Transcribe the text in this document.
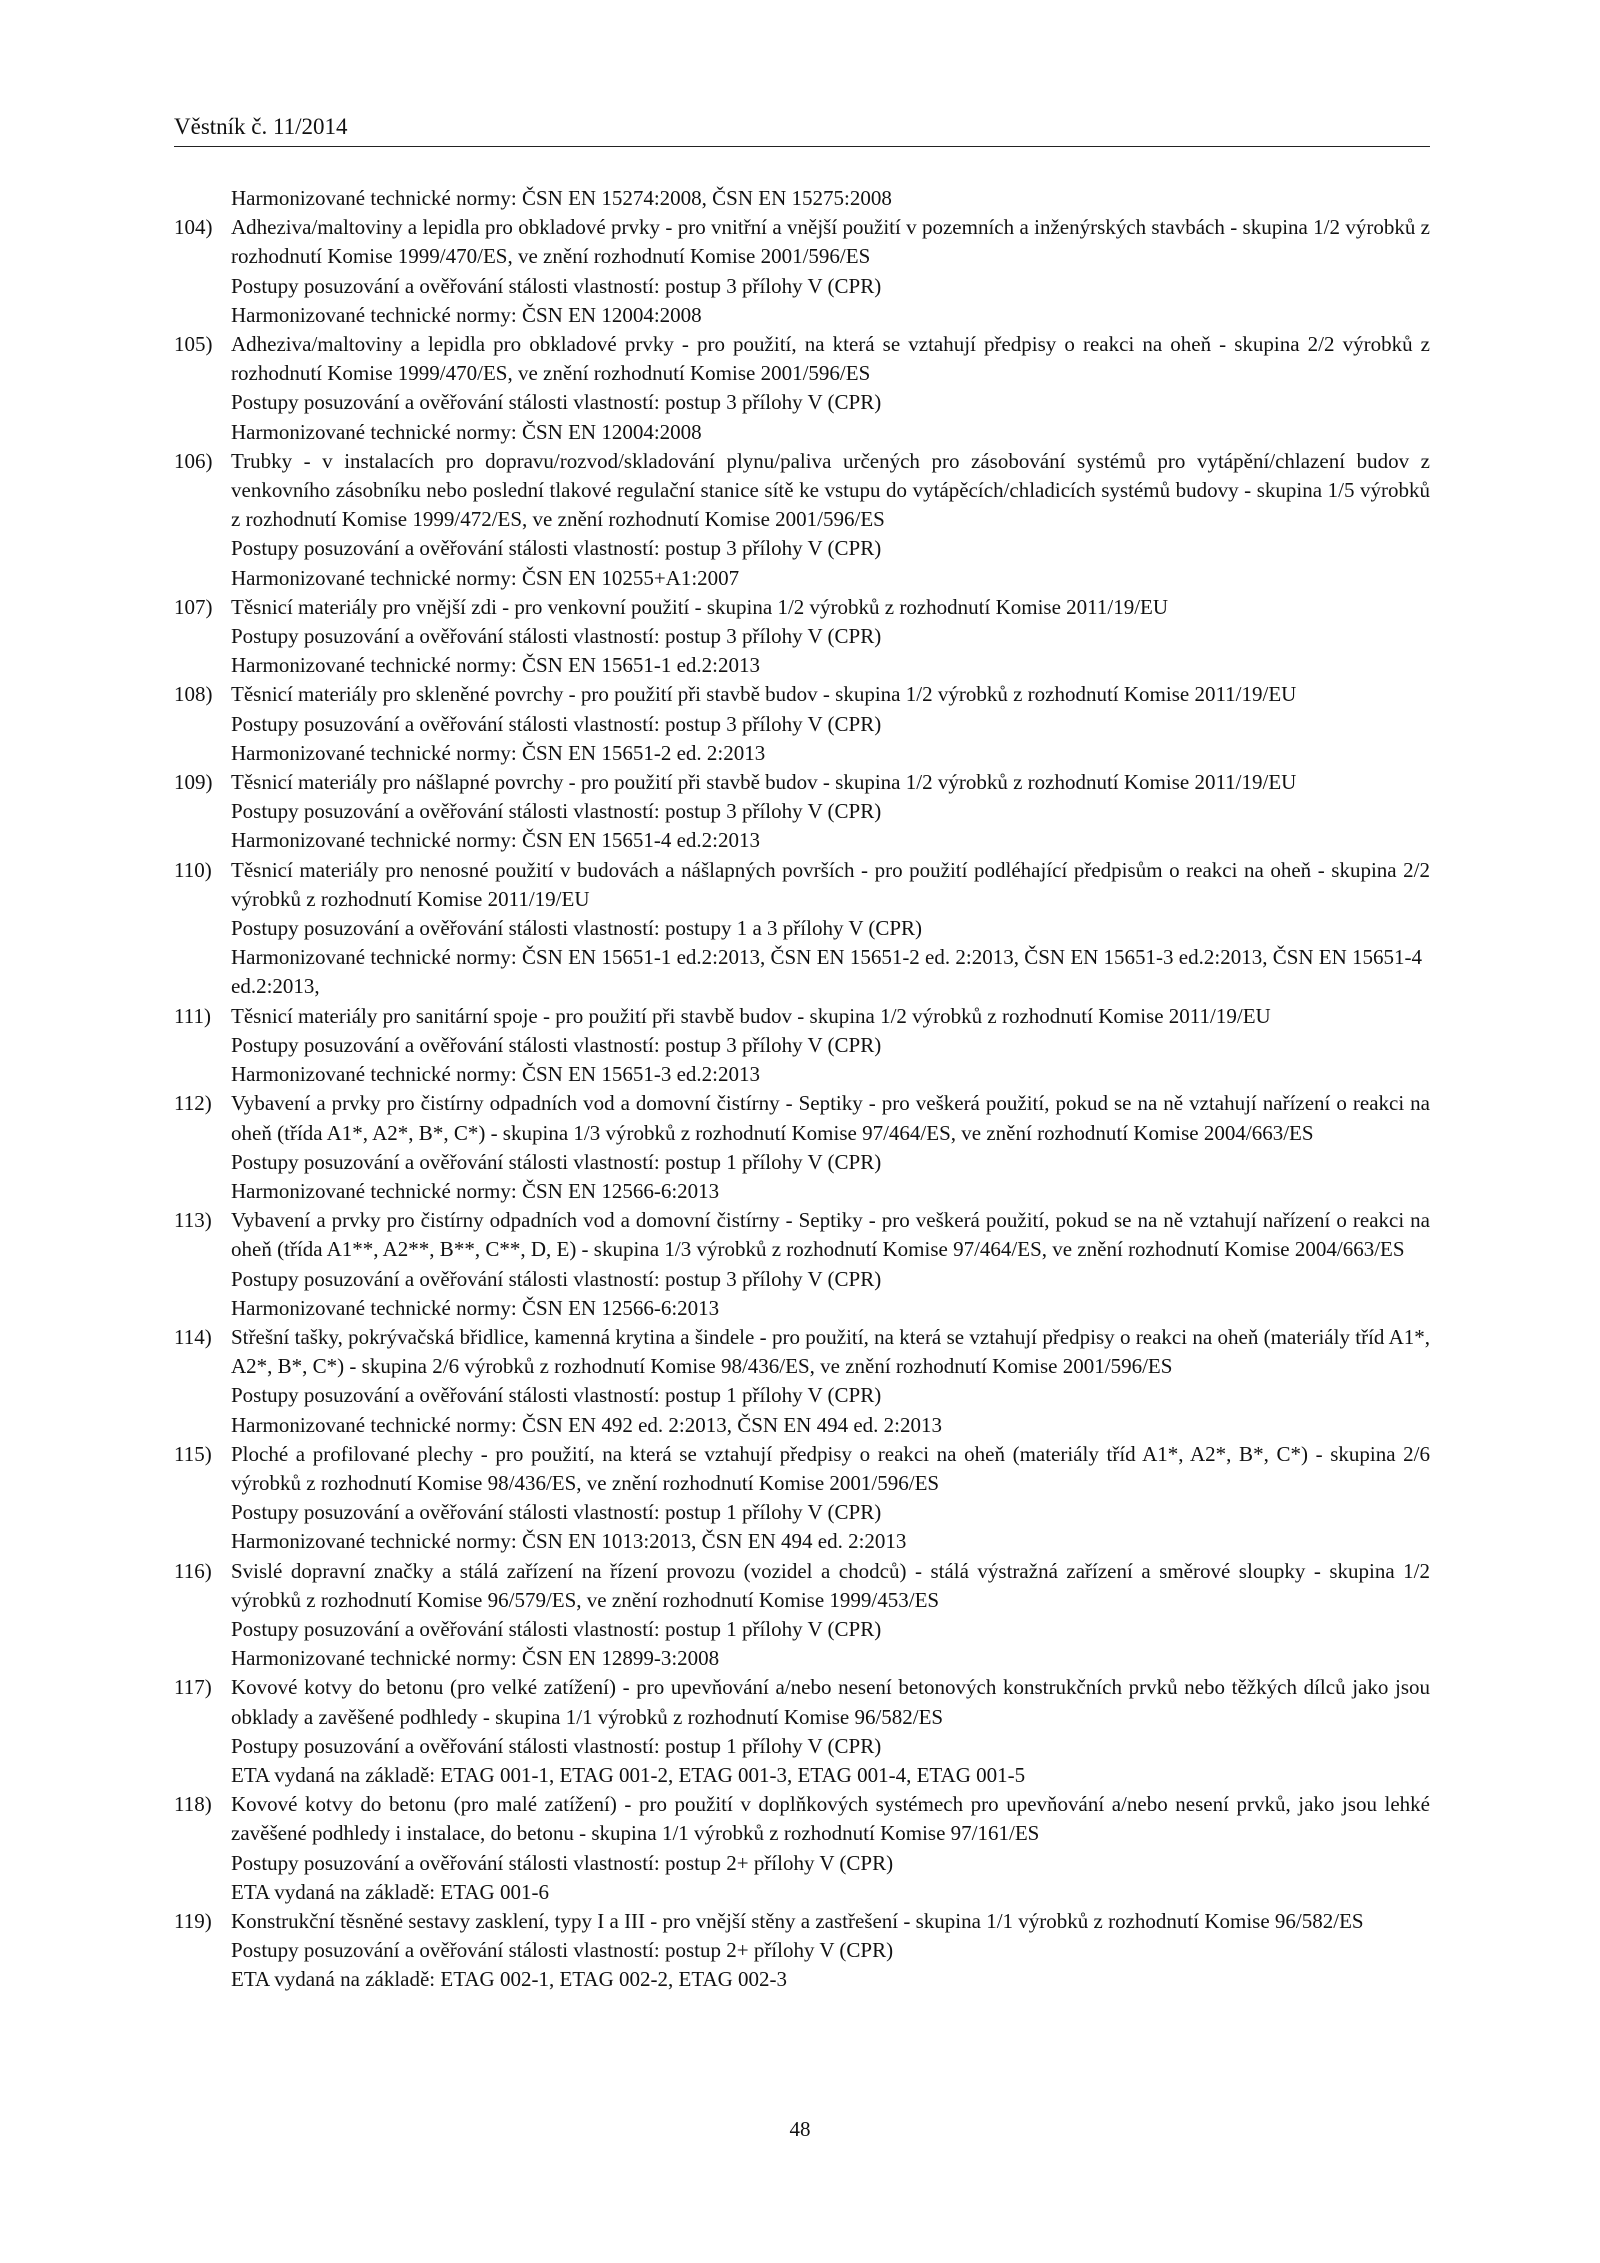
Věstník č. 11/2014
Harmonizované technické normy: ČSN EN 15274:2008, ČSN EN 15275:2008
104) Adheziva/maltoviny a lepidla pro obkladové prvky - pro vnitřní a vnější použití v pozemních a inženýrských stavbách - skupina 1/2 výrobků z rozhodnutí Komise 1999/470/ES, ve znění rozhodnutí Komise 2001/596/ES
Postupy posuzování a ověřování stálosti vlastností: postup 3 přílohy V (CPR)
Harmonizované technické normy: ČSN EN 12004:2008
105) Adheziva/maltoviny a lepidla pro obkladové prvky - pro použití, na která se vztahují předpisy o reakci na oheň - skupina 2/2 výrobků z rozhodnutí Komise 1999/470/ES, ve znění rozhodnutí Komise 2001/596/ES
Postupy posuzování a ověřování stálosti vlastností: postup 3 přílohy V (CPR)
Harmonizované technické normy: ČSN EN 12004:2008
106) Trubky - v instalacích pro dopravu/rozvod/skladování plynu/paliva určených pro zásobování systémů pro vytápění/chlazení budov z venkovního zásobníku nebo poslední tlakové regulační stanice sítě ke vstupu do vytápěcích/chladicích systémů budovy - skupina 1/5 výrobků z rozhodnutí Komise 1999/472/ES, ve znění rozhodnutí Komise 2001/596/ES
Postupy posuzování a ověřování stálosti vlastností: postup 3 přílohy V (CPR)
Harmonizované technické normy: ČSN EN 10255+A1:2007
107) Těsnicí materiály pro vnější zdi - pro venkovní použití - skupina 1/2 výrobků z rozhodnutí Komise 2011/19/EU
Postupy posuzování a ověřování stálosti vlastností: postup 3 přílohy V (CPR)
Harmonizované technické normy: ČSN EN 15651-1 ed.2:2013
108) Těsnicí materiály pro skleněné povrchy - pro použití při stavbě budov - skupina 1/2 výrobků z rozhodnutí Komise 2011/19/EU
Postupy posuzování a ověřování stálosti vlastností: postup 3 přílohy V (CPR)
Harmonizované technické normy: ČSN EN 15651-2 ed. 2:2013
109) Těsnicí materiály pro nášlapné povrchy - pro použití při stavbě budov - skupina 1/2 výrobků z rozhodnutí Komise 2011/19/EU
Postupy posuzování a ověřování stálosti vlastností: postup 3 přílohy V (CPR)
Harmonizované technické normy: ČSN EN 15651-4 ed.2:2013
110) Těsnicí materiály pro nenosné použití v budovách a nášlapných površích - pro použití podléhající předpisům o reakci na oheň - skupina 2/2 výrobků z rozhodnutí Komise 2011/19/EU
Postupy posuzování a ověřování stálosti vlastností: postupy 1 a 3 přílohy V (CPR)
Harmonizované technické normy: ČSN EN 15651-1 ed.2:2013, ČSN EN 15651-2 ed. 2:2013, ČSN EN 15651-3 ed.2:2013, ČSN EN 15651-4 ed.2:2013,
111) Těsnicí materiály pro sanitární spoje - pro použití při stavbě budov - skupina 1/2 výrobků z rozhodnutí Komise 2011/19/EU
Postupy posuzování a ověřování stálosti vlastností: postup 3 přílohy V (CPR)
Harmonizované technické normy: ČSN EN 15651-3 ed.2:2013
112) Vybavení a prvky pro čistírny odpadních vod a domovní čistírny - Septiky - pro veškerá použití, pokud se na ně vztahují nařízení o reakci na oheň (třída A1*, A2*, B*, C*) - skupina 1/3 výrobků z rozhodnutí Komise 97/464/ES, ve znění rozhodnutí Komise 2004/663/ES
Postupy posuzování a ověřování stálosti vlastností: postup 1 přílohy V (CPR)
Harmonizované technické normy: ČSN EN 12566-6:2013
113) Vybavení a prvky pro čistírny odpadních vod a domovní čistírny - Septiky - pro veškerá použití, pokud se na ně vztahují nařízení o reakci na oheň (třída A1**, A2**, B**, C**, D, E) - skupina 1/3 výrobků z rozhodnutí Komise 97/464/ES, ve znění rozhodnutí Komise 2004/663/ES
Postupy posuzování a ověřování stálosti vlastností: postup 3 přílohy V (CPR)
Harmonizované technické normy: ČSN EN 12566-6:2013
114) Střešní tašky, pokrývačská břidlice, kamenná krytina a šindele - pro použití, na která se vztahují předpisy o reakci na oheň (materiály tříd A1*, A2*, B*, C*) - skupina 2/6 výrobků z rozhodnutí Komise 98/436/ES, ve znění rozhodnutí Komise 2001/596/ES
Postupy posuzování a ověřování stálosti vlastností: postup 1 přílohy V (CPR)
Harmonizované technické normy: ČSN EN 492 ed. 2:2013, ČSN EN 494 ed. 2:2013
115) Ploché a profilované plechy - pro použití, na která se vztahují předpisy o reakci na oheň (materiály tříd A1*, A2*, B*, C*) - skupina 2/6 výrobků z rozhodnutí Komise 98/436/ES, ve znění rozhodnutí Komise 2001/596/ES
Postupy posuzování a ověřování stálosti vlastností: postup 1 přílohy V (CPR)
Harmonizované technické normy: ČSN EN 1013:2013, ČSN EN 494 ed. 2:2013
116) Svislé dopravní značky a stálá zařízení na řízení provozu (vozidel a chodců) - stálá výstražná zařízení a směrové sloupky - skupina 1/2 výrobků z rozhodnutí Komise 96/579/ES, ve znění rozhodnutí Komise 1999/453/ES
Postupy posuzování a ověřování stálosti vlastností: postup 1 přílohy V (CPR)
Harmonizované technické normy: ČSN EN 12899-3:2008
117) Kovové kotvy do betonu (pro velké zatížení) - pro upevňování a/nebo nesení betonových konstrukčních prvků nebo těžkých dílců jako jsou obklady a zavěšené podhledy - skupina 1/1 výrobků z rozhodnutí Komise 96/582/ES
Postupy posuzování a ověřování stálosti vlastností: postup 1 přílohy V (CPR)
ETA vydaná na základě: ETAG 001-1, ETAG 001-2, ETAG 001-3, ETAG 001-4, ETAG 001-5
118) Kovové kotvy do betonu (pro malé zatížení) - pro použití v doplňkových systémech pro upevňování a/nebo nesení prvků, jako jsou lehké zavěšené podhledy i instalace, do betonu - skupina 1/1 výrobků z rozhodnutí Komise 97/161/ES
Postupy posuzování a ověřování stálosti vlastností: postup 2+ přílohy V (CPR)
ETA vydaná na základě: ETAG 001-6
119) Konstrukční těsněné sestavy zasklení, typy I a III - pro vnější stěny a zastřešení - skupina 1/1 výrobků z rozhodnutí Komise 96/582/ES
Postupy posuzování a ověřování stálosti vlastností: postup 2+ přílohy V (CPR)
ETA vydaná na základě: ETAG 002-1, ETAG 002-2, ETAG 002-3
48
